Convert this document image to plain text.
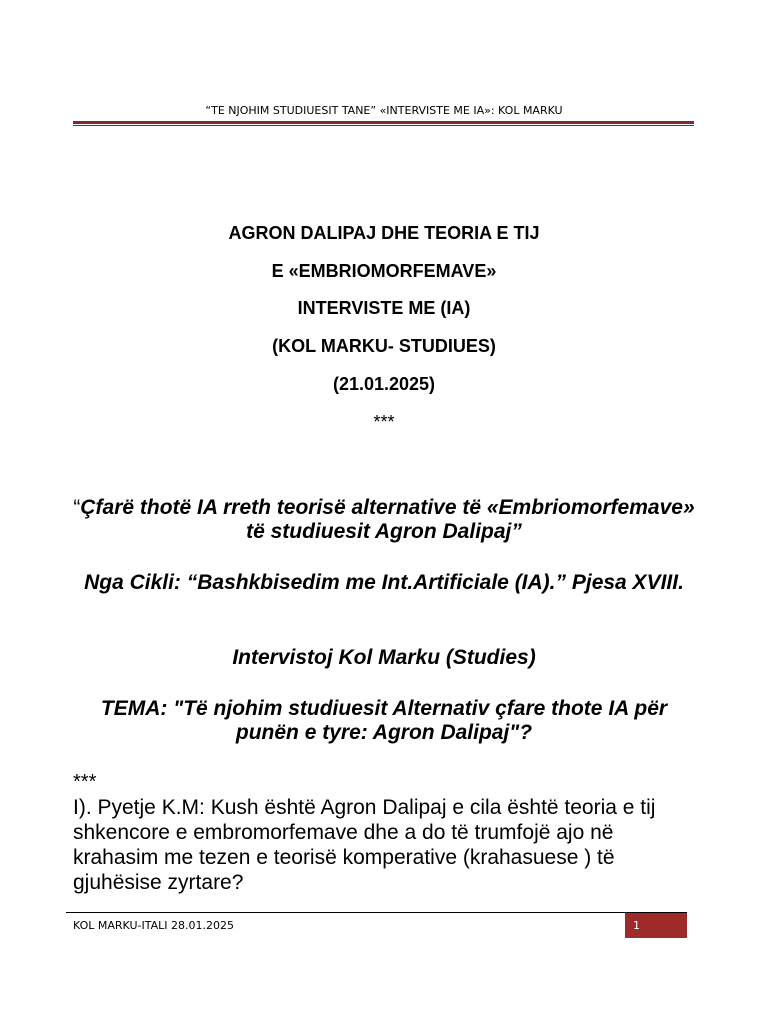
“TE NJOHIM STUDIUESIT TANE” «INTERVISTE ME IA»: KOL MARKU
AGRON DALIPAJ DHE TEORIA E TIJ
E «EMBRIOMORFEMAVE»
INTERVISTE ME (IA)
(KOL MARKU- STUDIUES)
(21.01.2025)
***
“Çfarë thotë IA rreth teorisë alternative të «Embriomorfemave» të studiuesit Agron Dalipaj”
Nga Cikli: “Bashkbisedim me Int.Artificiale (IA).” Pjesa XVIII.
Intervistoj Kol Marku (Studies)
TEMA: "Të njohim studiuesit Alternativ çfare thote IA për punën e tyre: Agron Dalipaj"?
***
I). Pyetje K.M: Kush është Agron Dalipaj e cila është teoria e tij shkencore e embromorfemave dhe a do të trumfojë ajo në krahasim me tezen e teorisë komperative (krahasuese ) të gjuhësise zyrtare?
KOL MARKU-ITALI 28.01.2025	1
